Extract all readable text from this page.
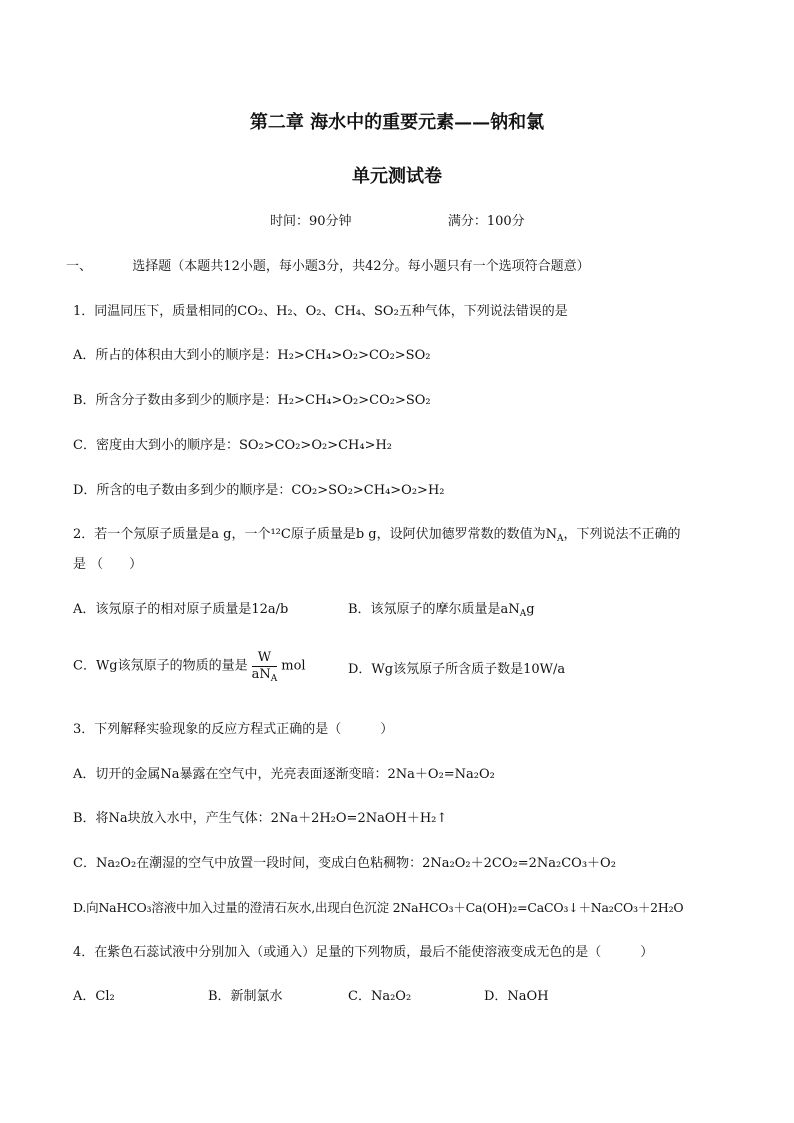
第二章 海水中的重要元素——钠和氯
单元测试卷
时间：90分钟	满分：100分
一、	选择题（本题共12小题，每小题3分，共42分。每小题只有一个选项符合题意）
1．同温同压下，质量相同的CO₂、H₂、O₂、CH₄、SO₂五种气体，下列说法错误的是
A．所占的体积由大到小的顺序是：H₂>CH₄>O₂>CO₂>SO₂
B．所含分子数由多到少的顺序是：H₂>CH₄>O₂>CO₂>SO₂
C．密度由大到小的顺序是：SO₂>CO₂>O₂>CH₄>H₂
D．所含的电子数由多到少的顺序是：CO₂>SO₂>CH₄>O₂>H₂
2．若一个氖原子质量是a g，一个¹²C原子质量是b g，设阿伏加德罗常数的数值为$N_A$，下列说法不正确的
是 （　　）
A．该氖原子的相对原子质量是12a/b	B．该氖原子的摩尔质量是$aN_Ag$
C．Wg该氖原子的物质的量是 $\frac{W}{aN_A}$ mol	D．Wg该氖原子所含质子数是10W/a
3．下列解释实验现象的反应方程式正确的是（　　　）
A．切开的金属Na暴露在空气中，光亮表面逐渐变暗：2Na＋O₂=Na₂O₂
B．将Na块放入水中，产生气体：2Na＋2H₂O=2NaOH＋H₂↑
C．Na₂O₂在潮湿的空气中放置一段时间，变成白色粘稠物：2Na₂O₂＋2CO₂=2Na₂CO₃＋O₂
D.向NaHCO₃溶液中加入过量的澄清石灰水,出现白色沉淀 2NaHCO₃＋Ca(OH)₂=CaCO₃↓＋Na₂CO₃＋2H₂O
4．在紫色石蕊试液中分别加入（或通入）足量的下列物质，最后不能使溶液变成无色的是（　　　）
A．Cl₂	B．新制氯水	C．Na₂O₂	D．NaOH
